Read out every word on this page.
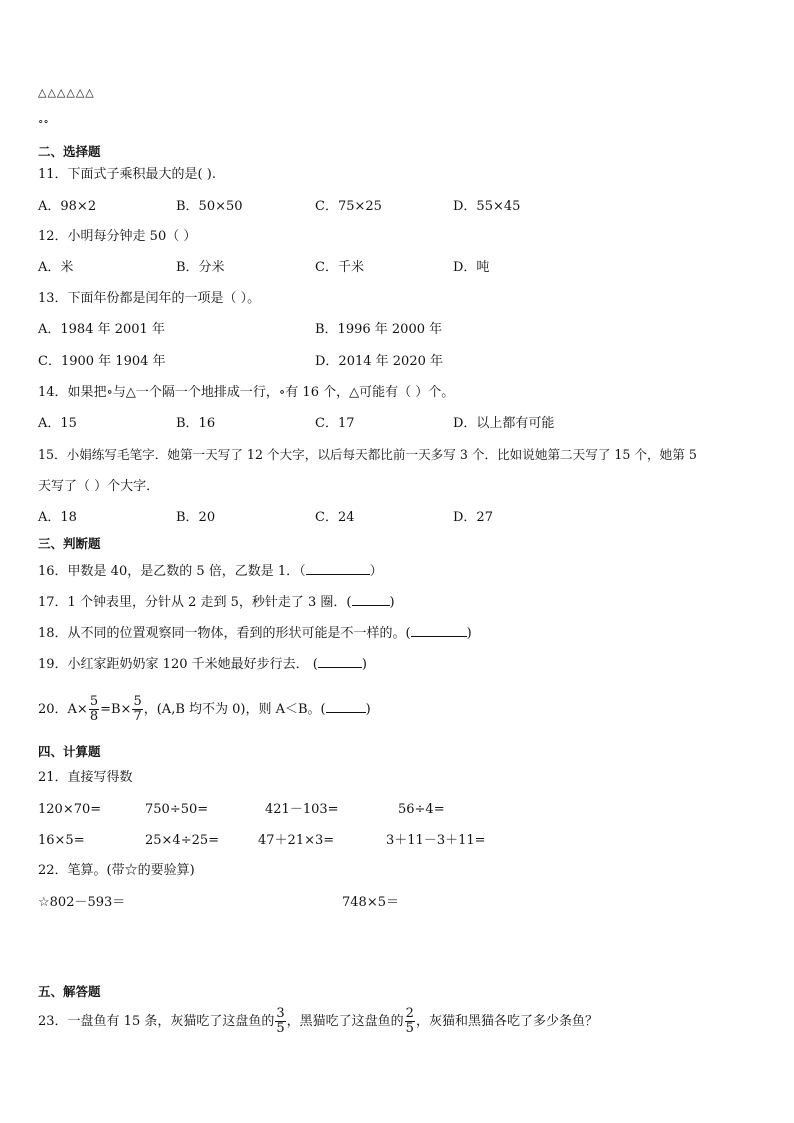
△△△△△△
∘∘
二、选择题
11．下面式子乘积最大的是( ).
A．98×2	B．50×50	C．75×25	D．55×45
12．小明每分钟走 50（ ）
A．米	B．分米	C．千米	D．吨
13．下面年份都是闰年的一项是（ ）。
A．1984 年 2001 年	B．1996 年 2000 年
C．1900 年 1904 年	D．2014 年 2020 年
14．如果把∘与△一个隔一个地排成一行，∘有 16 个，△可能有（ ）个。
A．15	B．16	C．17	D．以上都有可能
15．小娟练写毛笔字．她第一天写了 12 个大字，以后每天都比前一天多写 3 个．比如说她第二天写了 15 个，她第 5
天写了（ ）个大字．
A．18	B．20	C．24	D．27
三、判断题
16．甲数是 40，是乙数的 5 倍，乙数是 1．（	）
17．1 个钟表里，分针从 2 走到 5，秒针走了 3 圈．(	)
18．从不同的位置观察同一物体，看到的形状可能是不一样的。(	)
19．小红家距奶奶家 120 千米她最好步行去． (	)
20．$A\times \frac{5}{8} =B\times \frac{5}{7}$ ，(A,B 均不为 0)，则 A＜B。(	)
四、计算题
21．直接写得数
120×70=	750÷50=	421－103=	56÷4=
16×5=	25×4÷25=	47＋21×3=	3＋11－3＋11=
22．笔算。(带☆的要验算)
☆802－593＝	748×5＝
五、解答题
23．一盘鱼有 15 条，灰猫吃了这盘鱼的 $\frac{3}{5}$ ，黑猫吃了这盘鱼的 $\frac{2}{5}$ ，灰猫和黑猫各吃了多少条鱼？
